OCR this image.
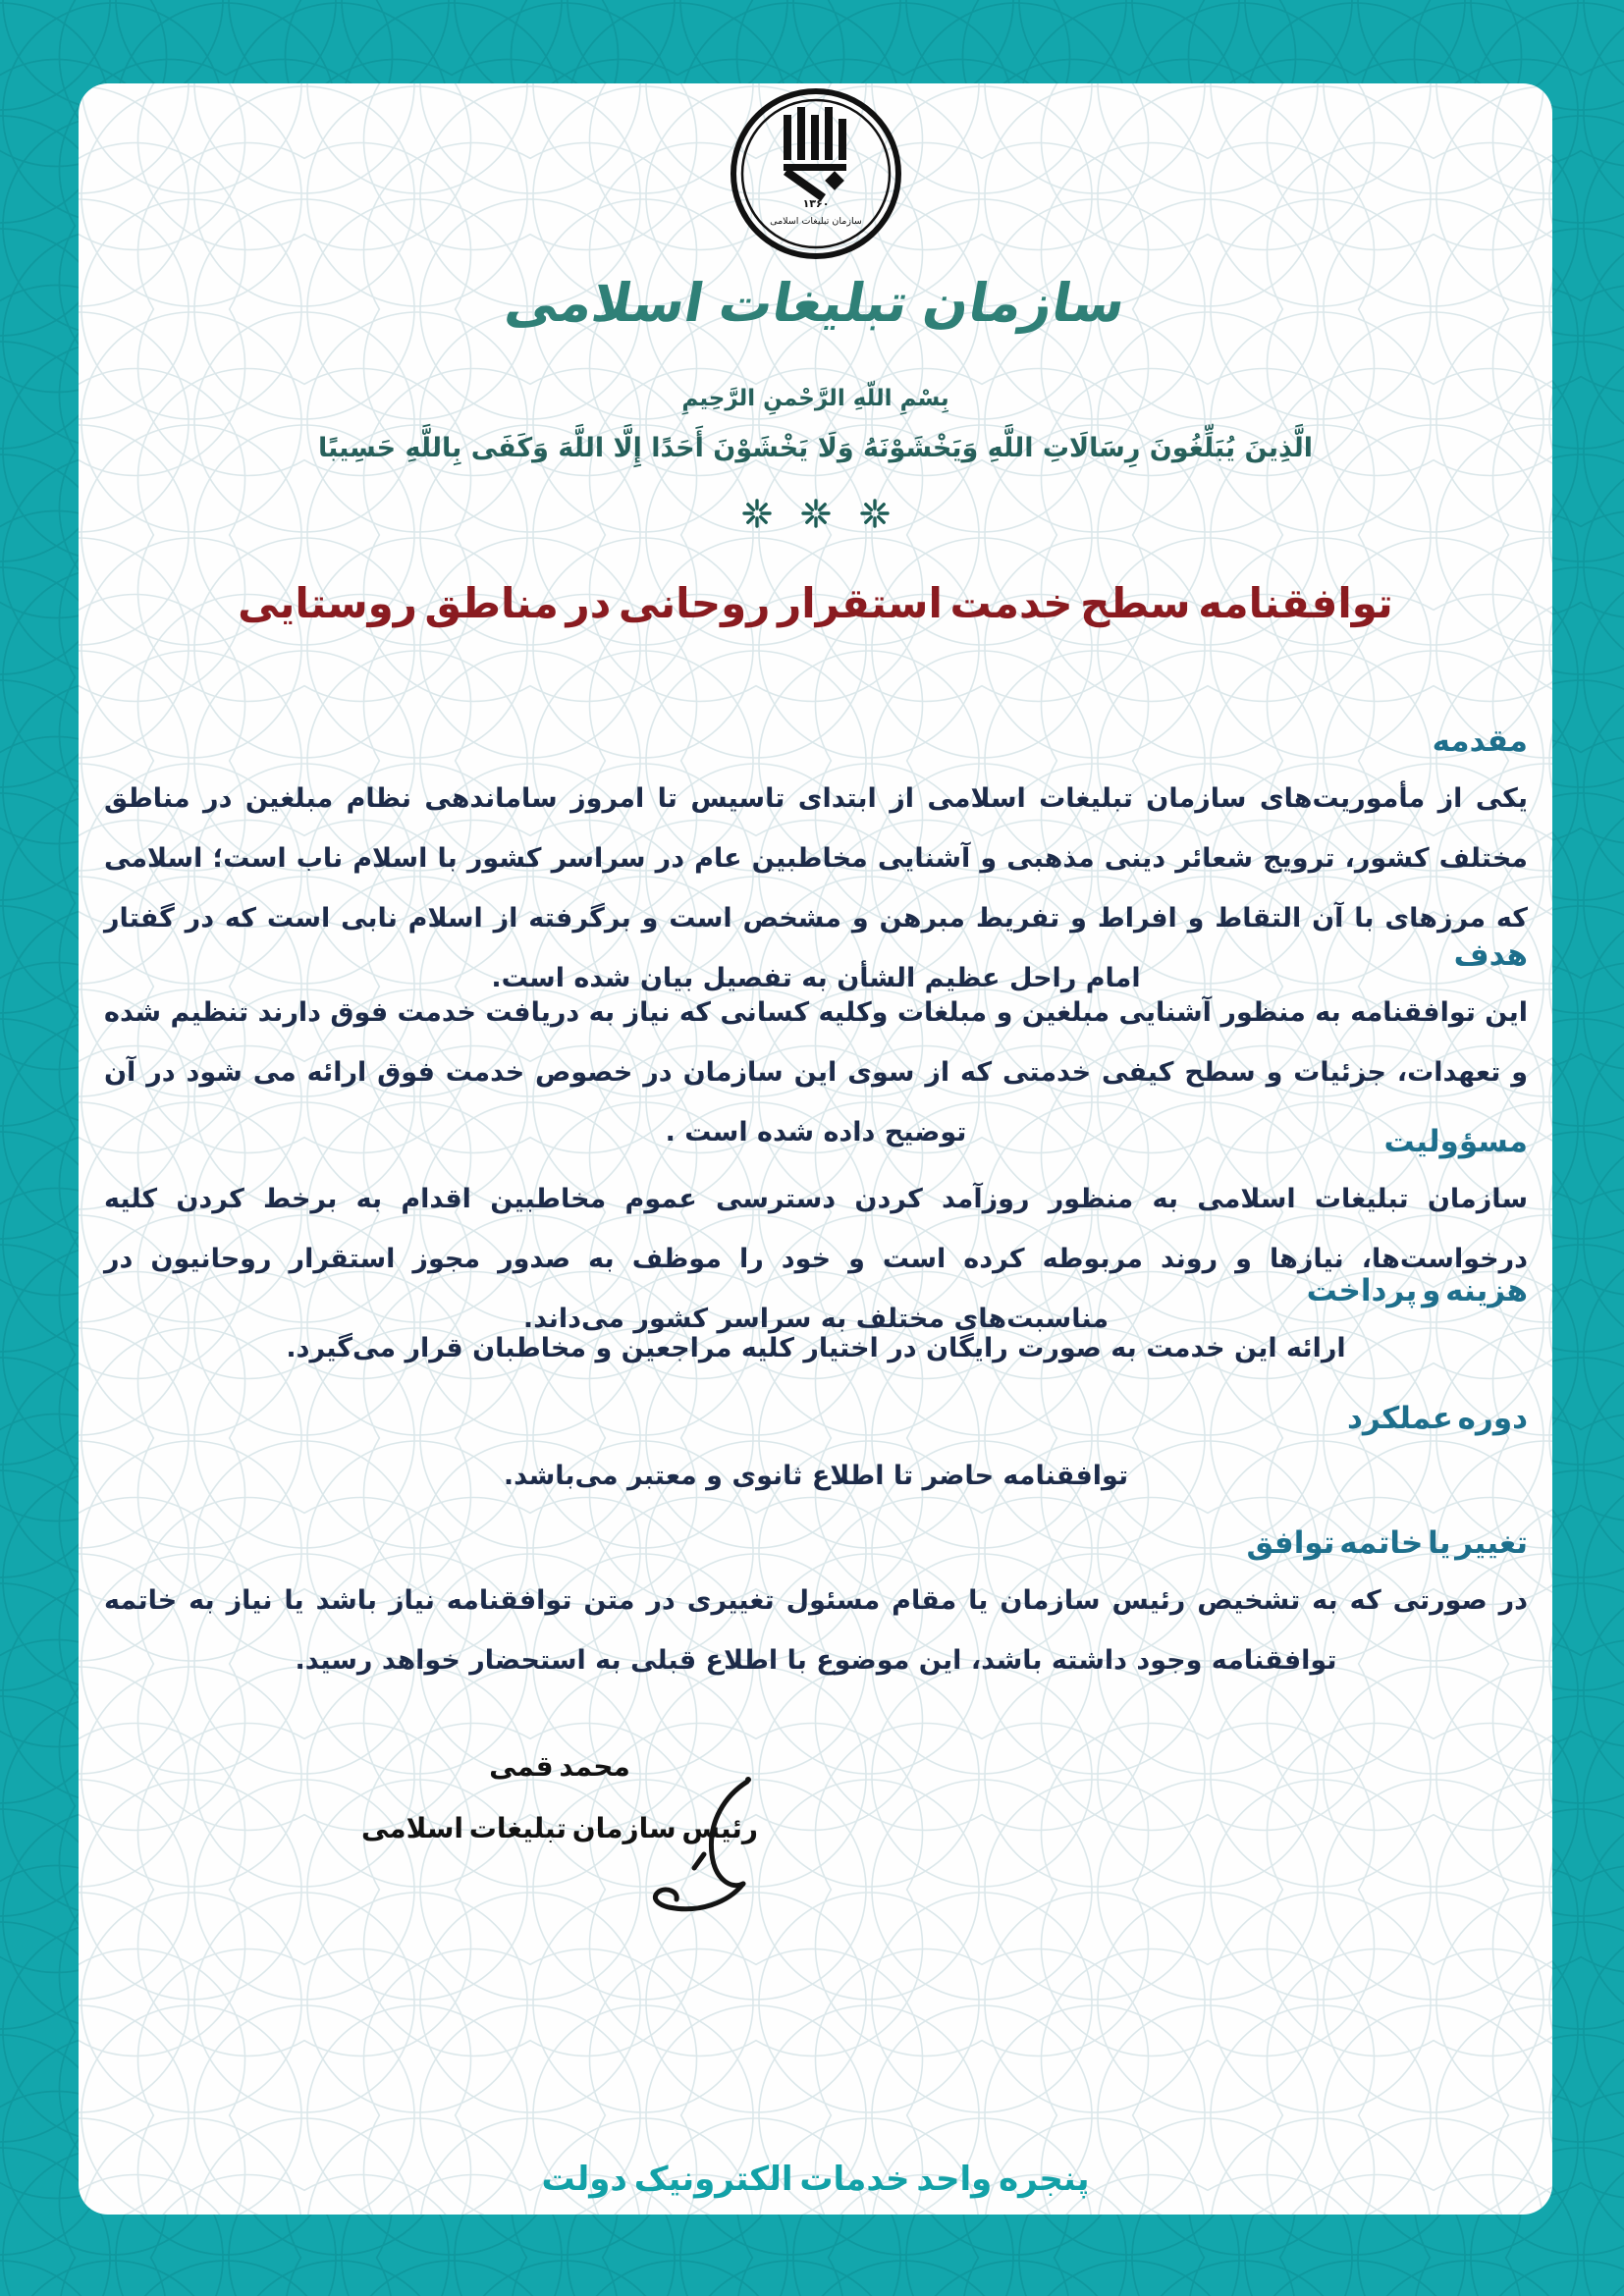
۱۳۶۰
سازمان تبلیغات اسلامی
سازمان تبلیغات اسلامی
بِسْمِ اللّهِ الرَّحْمنِ الرَّحِيمِ
الَّذِينَ يُبَلِّغُونَ رِسَالَاتِ اللَّهِ وَيَخْشَوْنَهُ وَلَا يَخْشَوْنَ أَحَدًا إِلَّا اللَّهَ وَكَفَى بِاللَّهِ حَسِيبًا
توافقنامه سطح خدمت استقرار روحانی در مناطق روستایی
مقدمه

یکی از مأموریت‌های سازمان تبلیغات اسلامی از ابتدای تاسیس تا امروز ساماندهی نظام مبلغین در مناطق مختلف کشور، ترویج شعائر دینی مذهبی و آشنایی مخاطبین عام در سراسر کشور با اسلام ناب است؛ اسلامی که مرزهای با آن التقاط و افراط و تفریط مبرهن و مشخص است و برگرفته از اسلام نابی است که در گفتار امام راحل عظیم الشأن به تفصیل بیان شده است.

هدف

این توافقنامه به منظور آشنایی مبلغین و مبلغات وکلیه کسانی که نیاز به دریافت خدمت فوق دارند تنظیم شده و تعهدات، جزئیات و سطح کیفی خدمتی که از سوی این سازمان در خصوص خدمت فوق ارائه می شود در آن توضیح داده شده است .	مسؤولیت

سازمان تبلیغات اسلامی به منظور روزآمد کردن دسترسی عموم مخاطبین اقدام به برخط کردن کلیه درخواست‌ها، نیازها و روند مربوطه کرده است و خود را موظف به صدور مجوز استقرار روحانیون در مناسبت‌های مختلف به سراسر کشور می‌داند.

هزینه و پرداخت

ارائه این خدمت به صورت رایگان در اختیار کلیه مراجعین و مخاطبان قرار می‌گیرد.

دوره عملکرد

توافقنامه حاضر تا اطلاع ثانوی و معتبر می‌باشد.

تغییر یا خاتمه توافق

در صورتی که به تشخیص رئیس سازمان یا مقام مسئول تغییری در متن توافقنامه نیاز باشد یا نیاز به خاتمه توافقنامه وجود داشته باشد، این موضوع با اطلاع قبلی به استحضار خواهد رسید.

محمد قمی
رئیس سازمان تبلیغات اسلامی
پنجره واحد خدمات الکترونیک دولت
